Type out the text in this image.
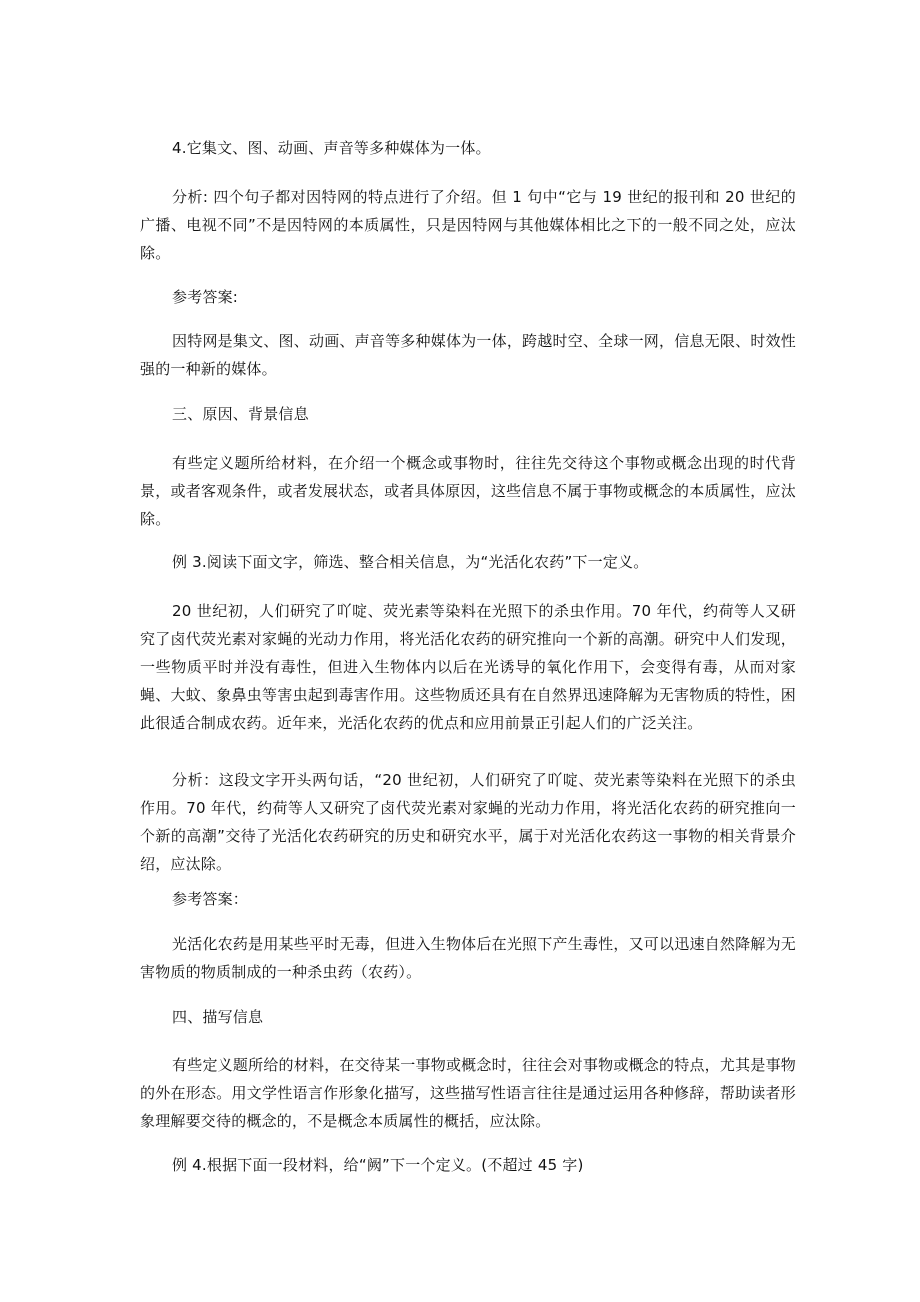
4.它集文、图、动画、声音等多种媒体为一体。

分析: 四个句子都对因特网的特点进行了介绍。但 1 句中“它与 19 世纪的报刊和 20 世纪的广播、电视不同”不是因特网的本质属性，只是因特网与其他媒体相比之下的一般不同之处，应汰除。

参考答案:

因特网是集文、图、动画、声音等多种媒体为一体，跨越时空、全球一网，信息无限、时效性强的一种新的媒体。

三、原因、背景信息

有些定义题所给材料，在介绍一个概念或事物时，往往先交待这个事物或概念出现的时代背景，或者客观条件，或者发展状态，或者具体原因，这些信息不属于事物或概念的本质属性，应汰除。

例 3.阅读下面文字，筛选、整合相关信息，为“光活化农药”下一定义。

20 世纪初，人们研究了吖啶、荧光素等染料在光照下的杀虫作用。70 年代，约荷等人又研究了卤代荧光素对家蝇的光动力作用，将光活化农药的研究推向一个新的高潮。研究中人们发现，一些物质平时并没有毒性，但进入生物体内以后在光诱导的氧化作用下，会变得有毒，从而对家蝇、大蚊、象鼻虫等害虫起到毒害作用。这些物质还具有在自然界迅速降解为无害物质的特性，困此很适合制成农药。近年来，光活化农药的优点和应用前景正引起人们的广泛关注。

分析：这段文字开头两句话，“20 世纪初，人们研究了吖啶、荧光素等染料在光照下的杀虫作用。70 年代，约荷等人又研究了卤代荧光素对家蝇的光动力作用，将光活化农药的研究推向一个新的高潮”交待了光活化农药研究的历史和研究水平，属于对光活化农药这一事物的相关背景介绍，应汰除。

参考答案：

光活化农药是用某些平时无毒，但进入生物体后在光照下产生毒性，又可以迅速自然降解为无害物质的物质制成的一种杀虫药（农药）。

四、描写信息

有些定义题所给的材料，在交待某一事物或概念时，往往会对事物或概念的特点，尤其是事物的外在形态。用文学性语言作形象化描写，这些描写性语言往往是通过运用各种修辞，帮助读者形象理解要交待的概念的，不是概念本质属性的概括，应汰除。

例 4.根据下面一段材料，给“阙”下一个定义。(不超过 45 字)
